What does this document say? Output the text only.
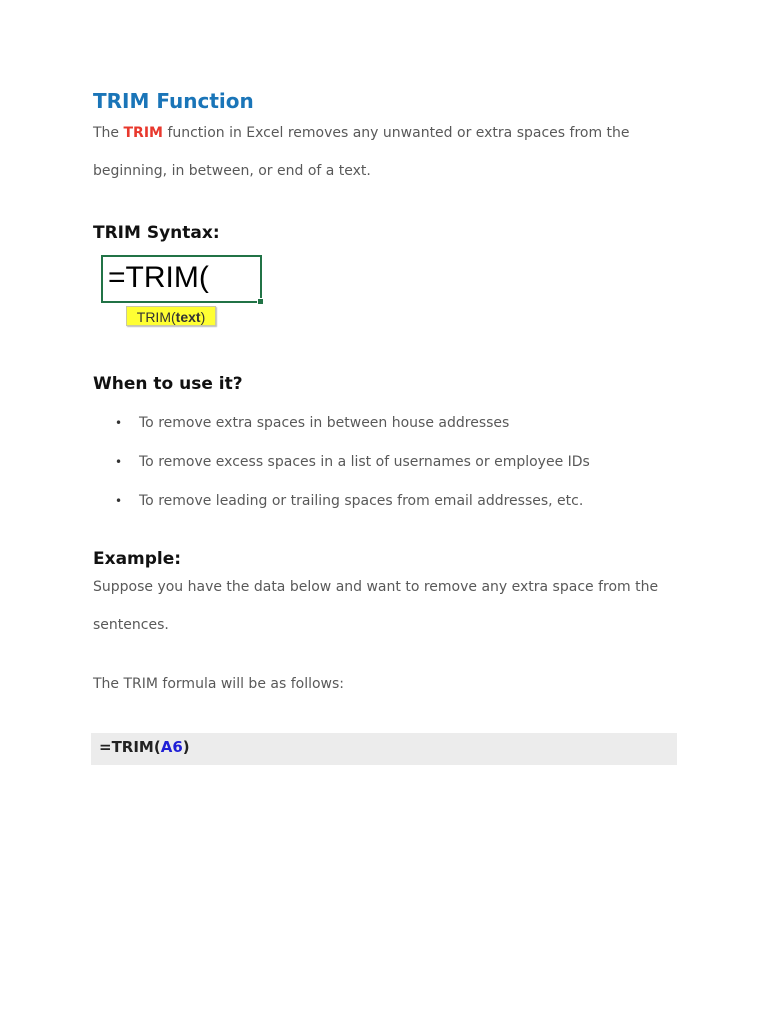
TRIM Function

The TRIM function in Excel removes any unwanted or extra spaces from the beginning, in between, or end of a text.

TRIM Syntax:
=TRIM(
TRIM(text)
When to use it?
• To remove extra spaces in between house addresses
• To remove excess spaces in a list of usernames or employee IDs
• To remove leading or trailing spaces from email addresses, etc.
Example:

Suppose you have the data below and want to remove any extra space from the sentences.

The TRIM formula will be as follows:

=TRIM(A6)
